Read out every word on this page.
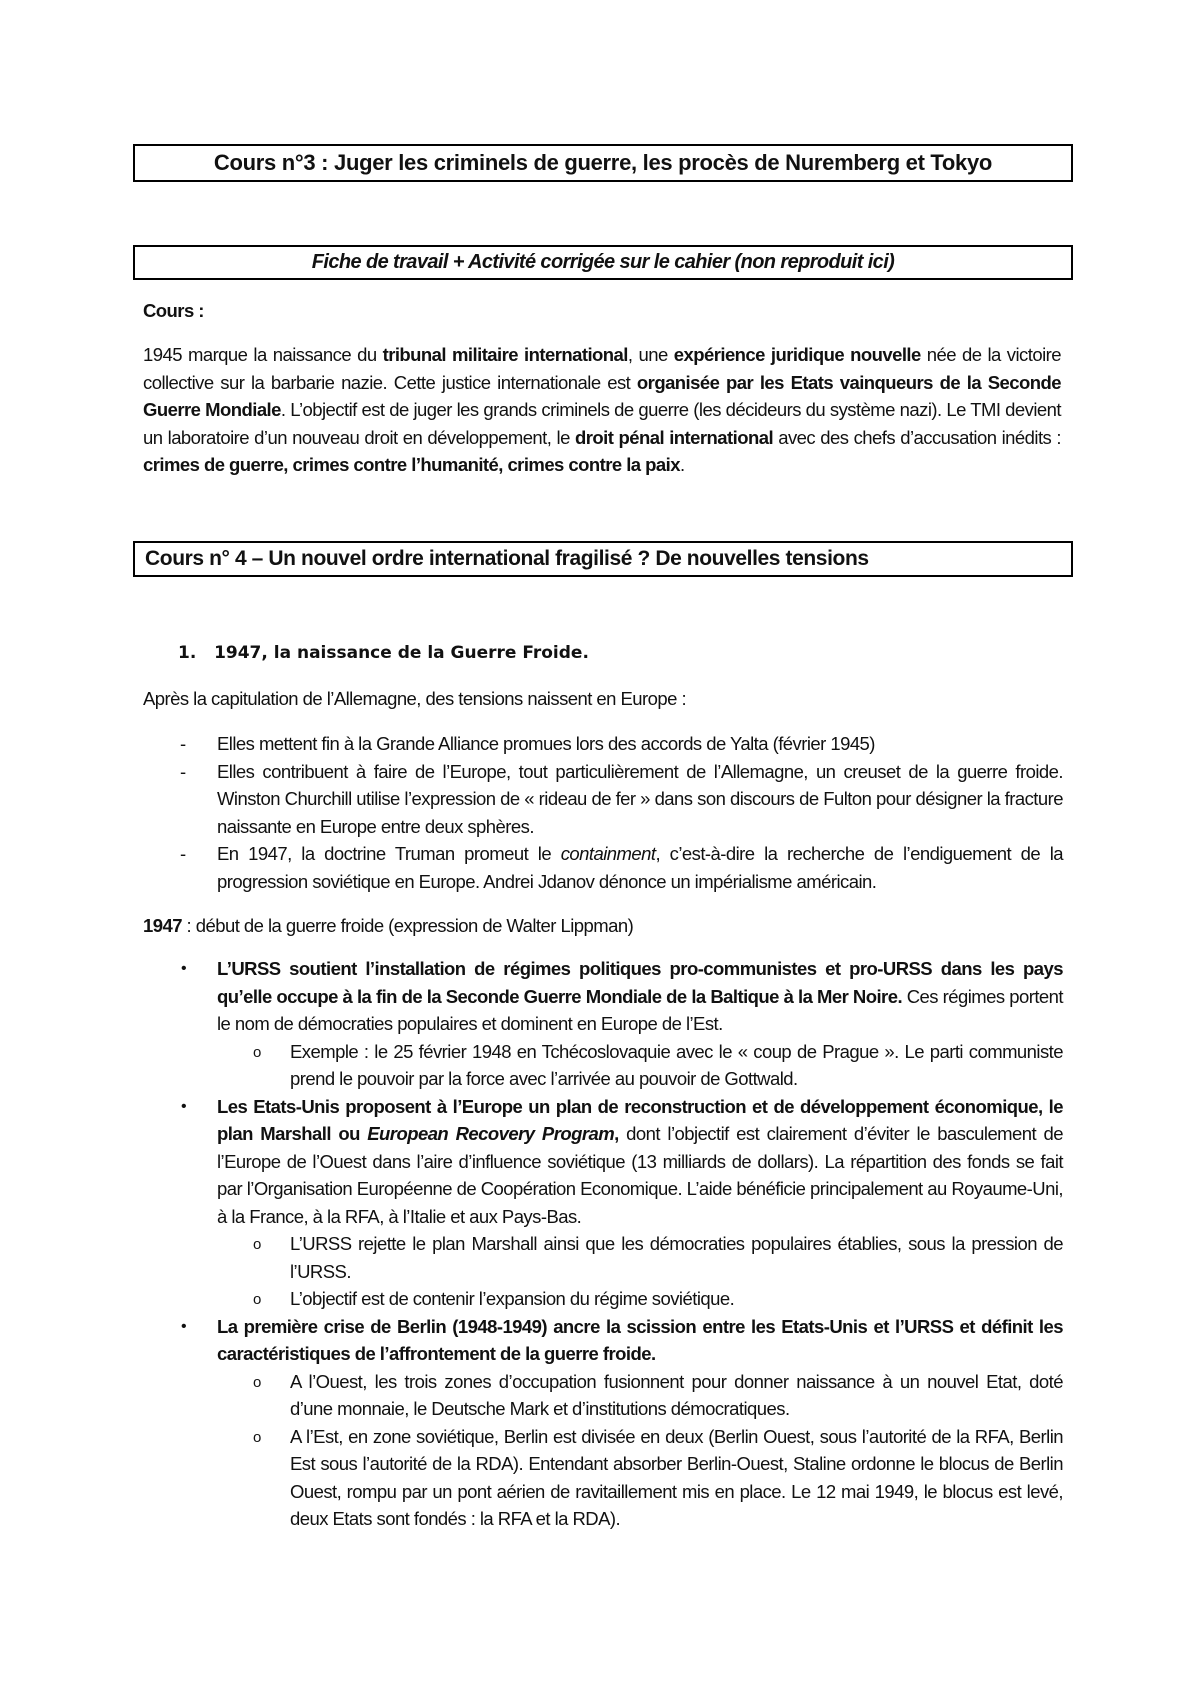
Cours n°3 : Juger les criminels de guerre, les procès de Nuremberg et Tokyo
Fiche de travail + Activité corrigée sur le cahier (non reproduit ici)
Cours :

1945 marque la naissance du tribunal militaire international, une expérience juridique nouvelle née de la victoire collective sur la barbarie nazie. Cette justice internationale est organisée par les Etats vainqueurs de la Seconde Guerre Mondiale. L’objectif est de juger les grands criminels de guerre (les décideurs du système nazi). Le TMI devient un laboratoire d’un nouveau droit en développement, le droit pénal international avec des chefs d’accusation inédits : crimes de guerre, crimes contre l’humanité, crimes contre la paix.

Cours n° 4 – Un nouvel ordre international fragilisé ? De nouvelles tensions
1. 1947, la naissance de la Guerre Froide.
Après la capitulation de l’Allemagne, des tensions naissent en Europe :
- Elles mettent fin à la Grande Alliance promues lors des accords de Yalta (février 1945)
- Elles contribuent à faire de l’Europe, tout particulièrement de l’Allemagne, un creuset de la guerre froide. Winston Churchill utilise l’expression de « rideau de fer » dans son discours de Fulton pour désigner la fracture naissante en Europe entre deux sphères.
- En 1947, la doctrine Truman promeut le containment, c’est-à-dire la recherche de l’endiguement de la progression soviétique en Europe. Andrei Jdanov dénonce un impérialisme américain.
1947 : début de la guerre froide (expression de Walter Lippman)
• L’URSS soutient l’installation de régimes politiques pro-communistes et pro-URSS dans les pays qu’elle occupe à la fin de la Seconde Guerre Mondiale de la Baltique à la Mer Noire. Ces régimes portent le nom de démocraties populaires et dominent en Europe de l’Est.
o Exemple : le 25 février 1948 en Tchécoslovaquie avec le « coup de Prague ». Le parti communiste prend le pouvoir par la force avec l’arrivée au pouvoir de Gottwald.
• Les Etats-Unis proposent à l’Europe un plan de reconstruction et de développement économique, le plan Marshall ou European Recovery Program, dont l’objectif est clairement d’éviter le basculement de l’Europe de l’Ouest dans l’aire d’influence soviétique (13 milliards de dollars). La répartition des fonds se fait par l’Organisation Européenne de Coopération Economique. L’aide bénéficie principalement au Royaume-Uni, à la France, à la RFA, à l’Italie et aux Pays-Bas.
o L’URSS rejette le plan Marshall ainsi que les démocraties populaires établies, sous la pression de l’URSS.
o L’objectif est de contenir l’expansion du régime soviétique.
• La première crise de Berlin (1948-1949) ancre la scission entre les Etats-Unis et l’URSS et définit les caractéristiques de l’affrontement de la guerre froide.
o A l’Ouest, les trois zones d’occupation fusionnent pour donner naissance à un nouvel Etat, doté d’une monnaie, le Deutsche Mark et d’institutions démocratiques.
o A l’Est, en zone soviétique, Berlin est divisée en deux (Berlin Ouest, sous l’autorité de la RFA, Berlin Est sous l’autorité de la RDA). Entendant absorber Berlin-Ouest, Staline ordonne le blocus de Berlin Ouest, rompu par un pont aérien de ravitaillement mis en place. Le 12 mai 1949, le blocus est levé, deux Etats sont fondés : la RFA et la RDA).
